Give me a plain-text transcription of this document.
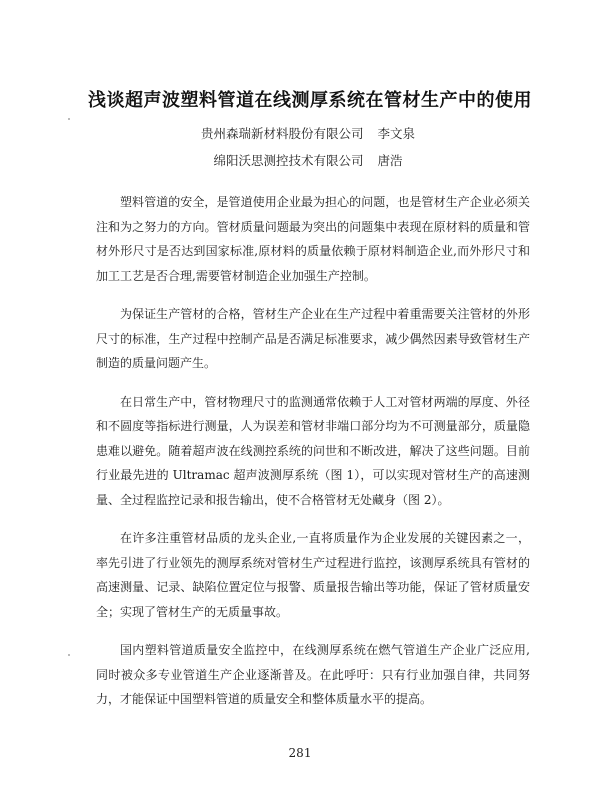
浅谈超声波塑料管道在线测厚系统在管材生产中的使用

贵州森瑞新材料股份有限公司 李文泉

绵阳沃思测控技术有限公司 唐浩

塑料管道的安全，是管道使用企业最为担心的问题，也是管材生产企业必须关注和为之努力的方向。管材质量问题最为突出的问题集中表现在原材料的质量和管材外形尺寸是否达到国家标准,原材料的质量依赖于原材料制造企业,而外形尺寸和加工工艺是否合理,需要管材制造企业加强生产控制。

为保证生产管材的合格，管材生产企业在生产过程中着重需要关注管材的外形尺寸的标准，生产过程中控制产品是否满足标准要求，减少偶然因素导致管材生产制造的质量问题产生。

在日常生产中，管材物理尺寸的监测通常依赖于人工对管材两端的厚度、外径和不圆度等指标进行测量，人为误差和管材非端口部分均为不可测量部分，质量隐患难以避免。随着超声波在线测控系统的问世和不断改进，解决了这些问题。目前行业最先进的 Ultramac 超声波测厚系统（图 1），可以实现对管材生产的高速测量、全过程监控记录和报告输出，使不合格管材无处藏身（图 2）。

在许多注重管材品质的龙头企业,一直将质量作为企业发展的关键因素之一，率先引进了行业领先的测厚系统对管材生产过程进行监控，该测厚系统具有管材的高速测量、记录、缺陷位置定位与报警、质量报告输出等功能，保证了管材质量安全；实现了管材生产的无质量事故。

国内塑料管道质量安全监控中，在线测厚系统在燃气管道生产企业广泛应用,同时被众多专业管道生产企业逐渐普及。在此呼吁：只有行业加强自律，共同努力，才能保证中国塑料管道的质量安全和整体质量水平的提高。

281
